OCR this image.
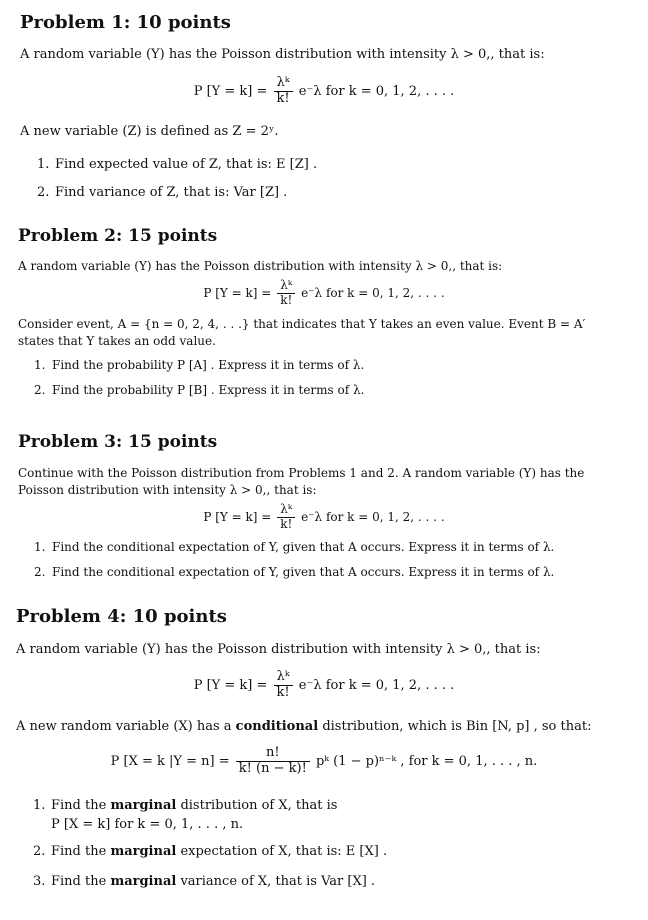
Problem 1: 10 points

A random variable (Y) has the Poisson distribution with intensity λ > 0,, that is:

P $[Y = k] = \frac{\text{λᵏ}}{k!} e^-\lambda$ for k = 0, 1, 2, . . . .

A new variable (Z) is defined as Z = 2ʸ.

1. Find expected value of Z, that is: E [Z] .
2. Find variance of Z, that is: Var [Z] .
Problem 2: 15 points

A random variable (Y) has the Poisson distribution with intensity λ > 0,, that is:

P $[Y = k] = \frac{\text{λᵏ}}{k!} e^-\lambda$ for k = 0, 1, 2, . . . .

Consider event, A = {n = 0, 2, 4, . . .} that indicates that Y takes an even value. Event B = A′ states that Y takes an odd value.

1. Find the probability P [A] . Express it in terms of λ.
2. Find the probability P [B] . Express it in terms of λ.
Problem 3: 15 points

Continue with the Poisson distribution from Problems 1 and 2. A random variable (Y) has the Poisson distribution with intensity λ > 0,, that is:

P $[Y = k] = \frac{\text{λᵏ}}{k!} e^-\lambda$ for k = 0, 1, 2, . . . .
1. Find the conditional expectation of Y, given that A occurs. Express it in terms of λ.
2. Find the conditional expectation of Y, given that A occurs. Express it in terms of λ.
Problem 4: 10 points

A random variable (Y) has the Poisson distribution with intensity λ > 0,, that is:

P $[Y = k] = \frac{\text{λᵏ}}{k!} e^-\lambda$ for k = 0, 1, 2, . . . .

A new random variable (X) has a conditional distribution, which is Bin [N, p] , so that:

P [X = k $|Y = n] = \frac{n!}{k! (n - k)!}$ pᵏ (1 − p)ⁿ⁻ᵏ , for k = 0, 1, . . . , n.
1. Find the marginal distribution of X, that is
P [X = k] for k = 0, 1, . . . , n.
2. Find the marginal expectation of X, that is: E [X] .
3. Find the marginal variance of X, that is Var [X] .
